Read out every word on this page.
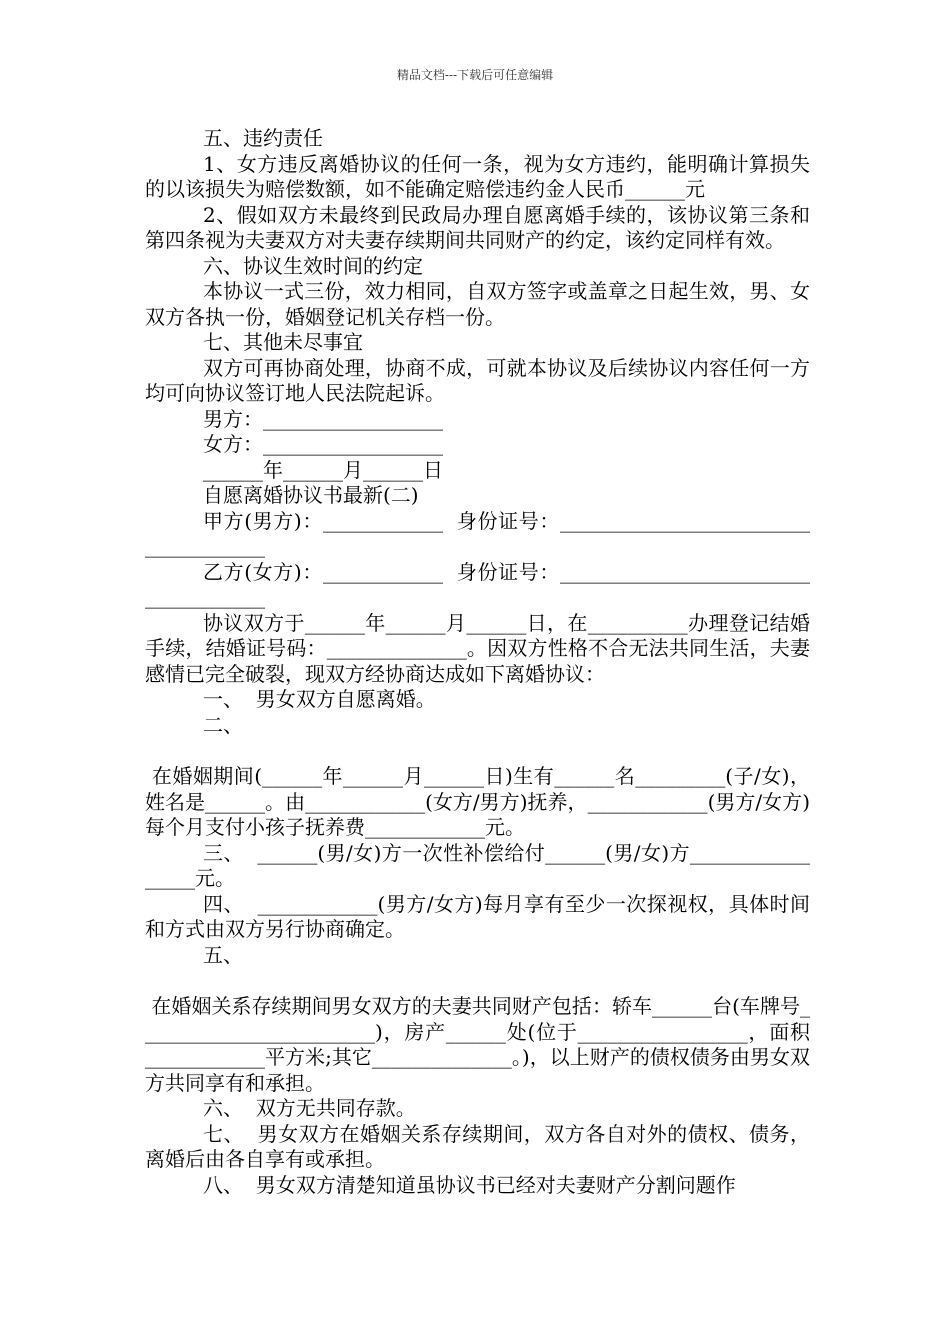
精品文档---下载后可任意编辑

五、违约责任

1、女方违反离婚协议的任何一条，视为女方违约，能明确计算损失的以该损失为赔偿数额，如不能确定赔偿违约金人民币______元

2、假如双方未最终到民政局办理自愿离婚手续的，该协议第三条和第四条视为夫妻双方对夫妻存续期间共同财产的约定，该约定同样有效。

六、协议生效时间的约定

本协议一式三份，效力相同，自双方签字或盖章之日起生效，男、女双方各执一份，婚姻登记机关存档一份。

七、其他未尽事宜

双方可再协商处理，协商不成，可就本协议及后续协议内容任何一方均可向协议签订地人民法院起诉。

男方：__________________

女方：__________________

______年______月______日

自愿离婚协议书最新(二)

甲方(男方)：____________  身份证号：_____________________________________

乙方(女方)：____________  身份证号：_____________________________________

协议双方于______年______月______日，在__________办理登记结婚手续，结婚证号码：______________。因双方性格不合无法共同生活，夫妻感情已完全破裂，现双方经协商达成如下离婚协议：

一、  男女双方自愿离婚。

二、

在婚姻期间(______年______月______日)生有______名_________(子/女)，姓名是______。由____________(女方/男方)抚养，____________(男方/女方)每个月支付小孩子抚养费____________元。

三、  ______(男/女)方一次性补偿给付______(男/女)方_________________元。

四、  ____________(男方/女方)每月享有至少一次探视权，具体时间和方式由双方另行协商确定。

五、

在婚姻关系存续期间男女双方的夫妻共同财产包括：轿车______台(车牌号________________________)，房产______处(位于_________________，面积____________平方米;其它______________。)，以上财产的债权债务由男女双方共同享有和承担。

六、  双方无共同存款。

七、  男女双方在婚姻关系存续期间，双方各自对外的债权、债务，离婚后由各自享有或承担。

八、  男女双方清楚知道虽协议书已经对夫妻财产分割问题作
